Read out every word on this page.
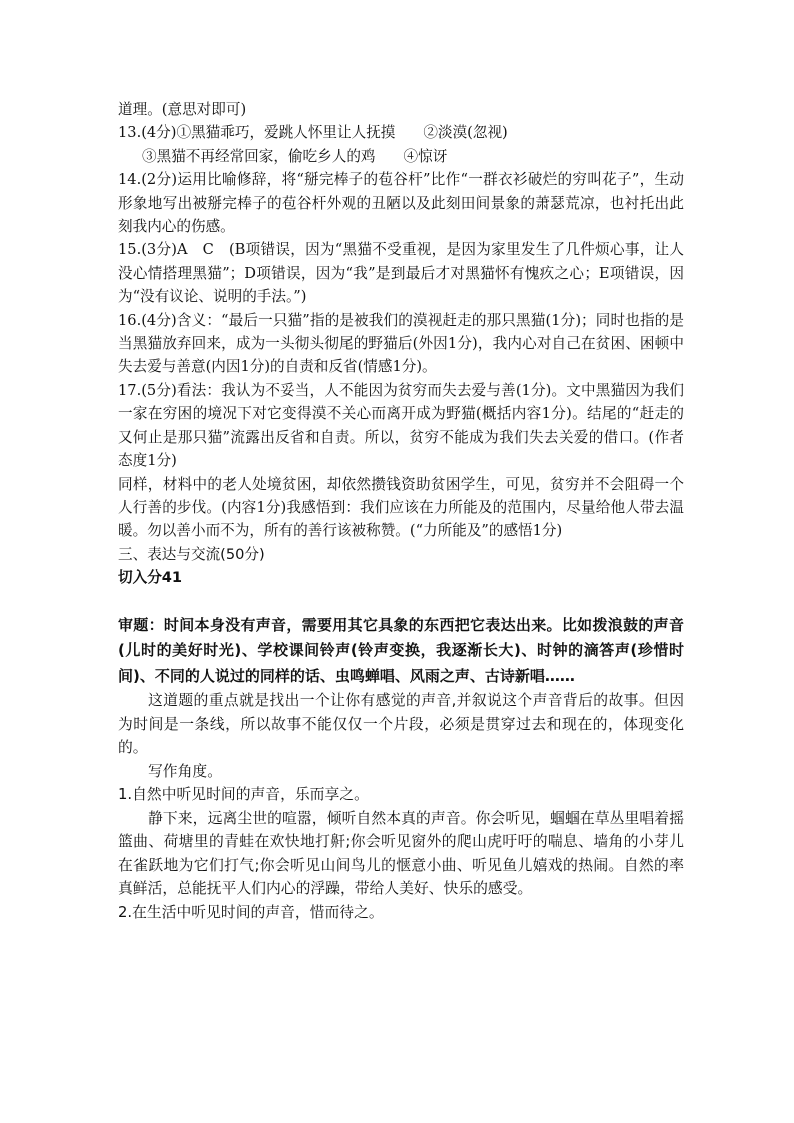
道理。(意思对即可)

13.(4分)①黑猫乖巧，爱跳人怀里让人抚摸 ②淡漠(忽视)

③黑猫不再经常回家，偷吃乡人的鸡 ④惊讶

14.(2分)运用比喻修辞，将“掰完棒子的苞谷杆”比作“一群衣衫破烂的穷叫花子”，生动形象地写出被掰完棒子的苞谷杆外观的丑陋以及此刻田间景象的萧瑟荒凉，也衬托出此刻我内心的伤感。

15.(3分)A　C　(B项错误，因为“黑猫不受重视，是因为家里发生了几件烦心事，让人没心情搭理黑猫”；D项错误，因为“我”是到最后才对黑猫怀有愧疚之心；E项错误，因为“没有议论、说明的手法。”)

16.(4分)含义：“最后一只猫”指的是被我们的漠视赶走的那只黑猫(1分)；同时也指的是当黑猫放弃回来，成为一头彻头彻尾的野猫后(外因1分)，我内心对自己在贫困、困顿中失去爱与善意(内因1分)的自责和反省(情感1分)。

17.(5分)看法：我认为不妥当，人不能因为贫穷而失去爱与善(1分)。文中黑猫因为我们一家在穷困的境况下对它变得漠不关心而离开成为野猫(概括内容1分)。结尾的“赶走的又何止是那只猫”流露出反省和自责。所以，贫穷不能成为我们失去关爱的借口。(作者态度1分)

同样，材料中的老人处境贫困，却依然攒钱资助贫困学生，可见，贫穷并不会阻碍一个人行善的步伐。(内容1分)我感悟到：我们应该在力所能及的范围内，尽量给他人带去温暖。勿以善小而不为，所有的善行该被称赞。(“力所能及”的感悟1分)

三、表达与交流(50分)

切入分41

审题：时间本身没有声音，需要用其它具象的东西把它表达出来。比如拨浪鼓的声音(儿时的美好时光)、学校课间铃声(铃声变换，我逐渐长大)、时钟的滴答声(珍惜时间)、不同的人说过的同样的话、虫鸣蝉唱、风雨之声、古诗新唱……

这道题的重点就是找出一个让你有感觉的声音,并叙说这个声音背后的故事。但因为时间是一条线，所以故事不能仅仅一个片段，必须是贯穿过去和现在的，体现变化的。

写作角度。

1.自然中听见时间的声音，乐而享之。

静下来，远离尘世的喧嚣，倾听自然本真的声音。你会听见，蝈蝈在草丛里唱着摇篮曲、荷塘里的青蛙在欢快地打鼾;你会听见窗外的爬山虎吁吁的喘息、墙角的小芽儿在雀跃地为它们打气;你会听见山间鸟儿的惬意小曲、听见鱼儿嬉戏的热闹。自然的率真鲜活，总能抚平人们内心的浮躁，带给人美好、快乐的感受。

2.在生活中听见时间的声音，惜而待之。
